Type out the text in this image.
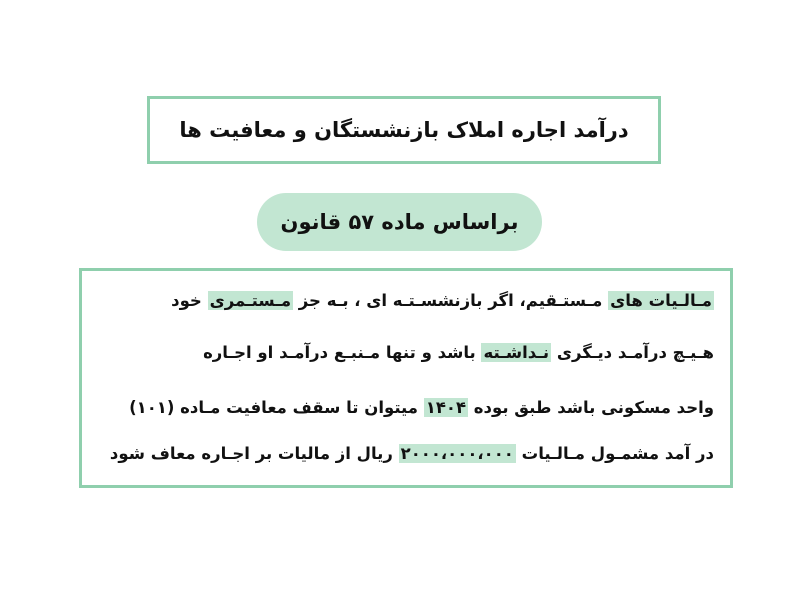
درآمد اجاره املاک بازنشستگان و معافیت ها
براساس ماده ۵۷ قانون
مـالـیات های مـستـقیم، اگر بازنشسـتـه ای ، بـه جز مـستـمری خود
هـیـچ درآمـد دیـگری نـداشـته باشد و تنها مـنبـع درآمـد او اجـاره
واحد مسکونی باشد طبق بوده ۱۴۰۴ میتوان تا سقف معافیت مـاده (۱۰۱)
در آمد مشمـول مـالـیات ۲۰۰۰،۰۰۰،۰۰۰ ریال از مالیات بر اجـاره معاف شود
